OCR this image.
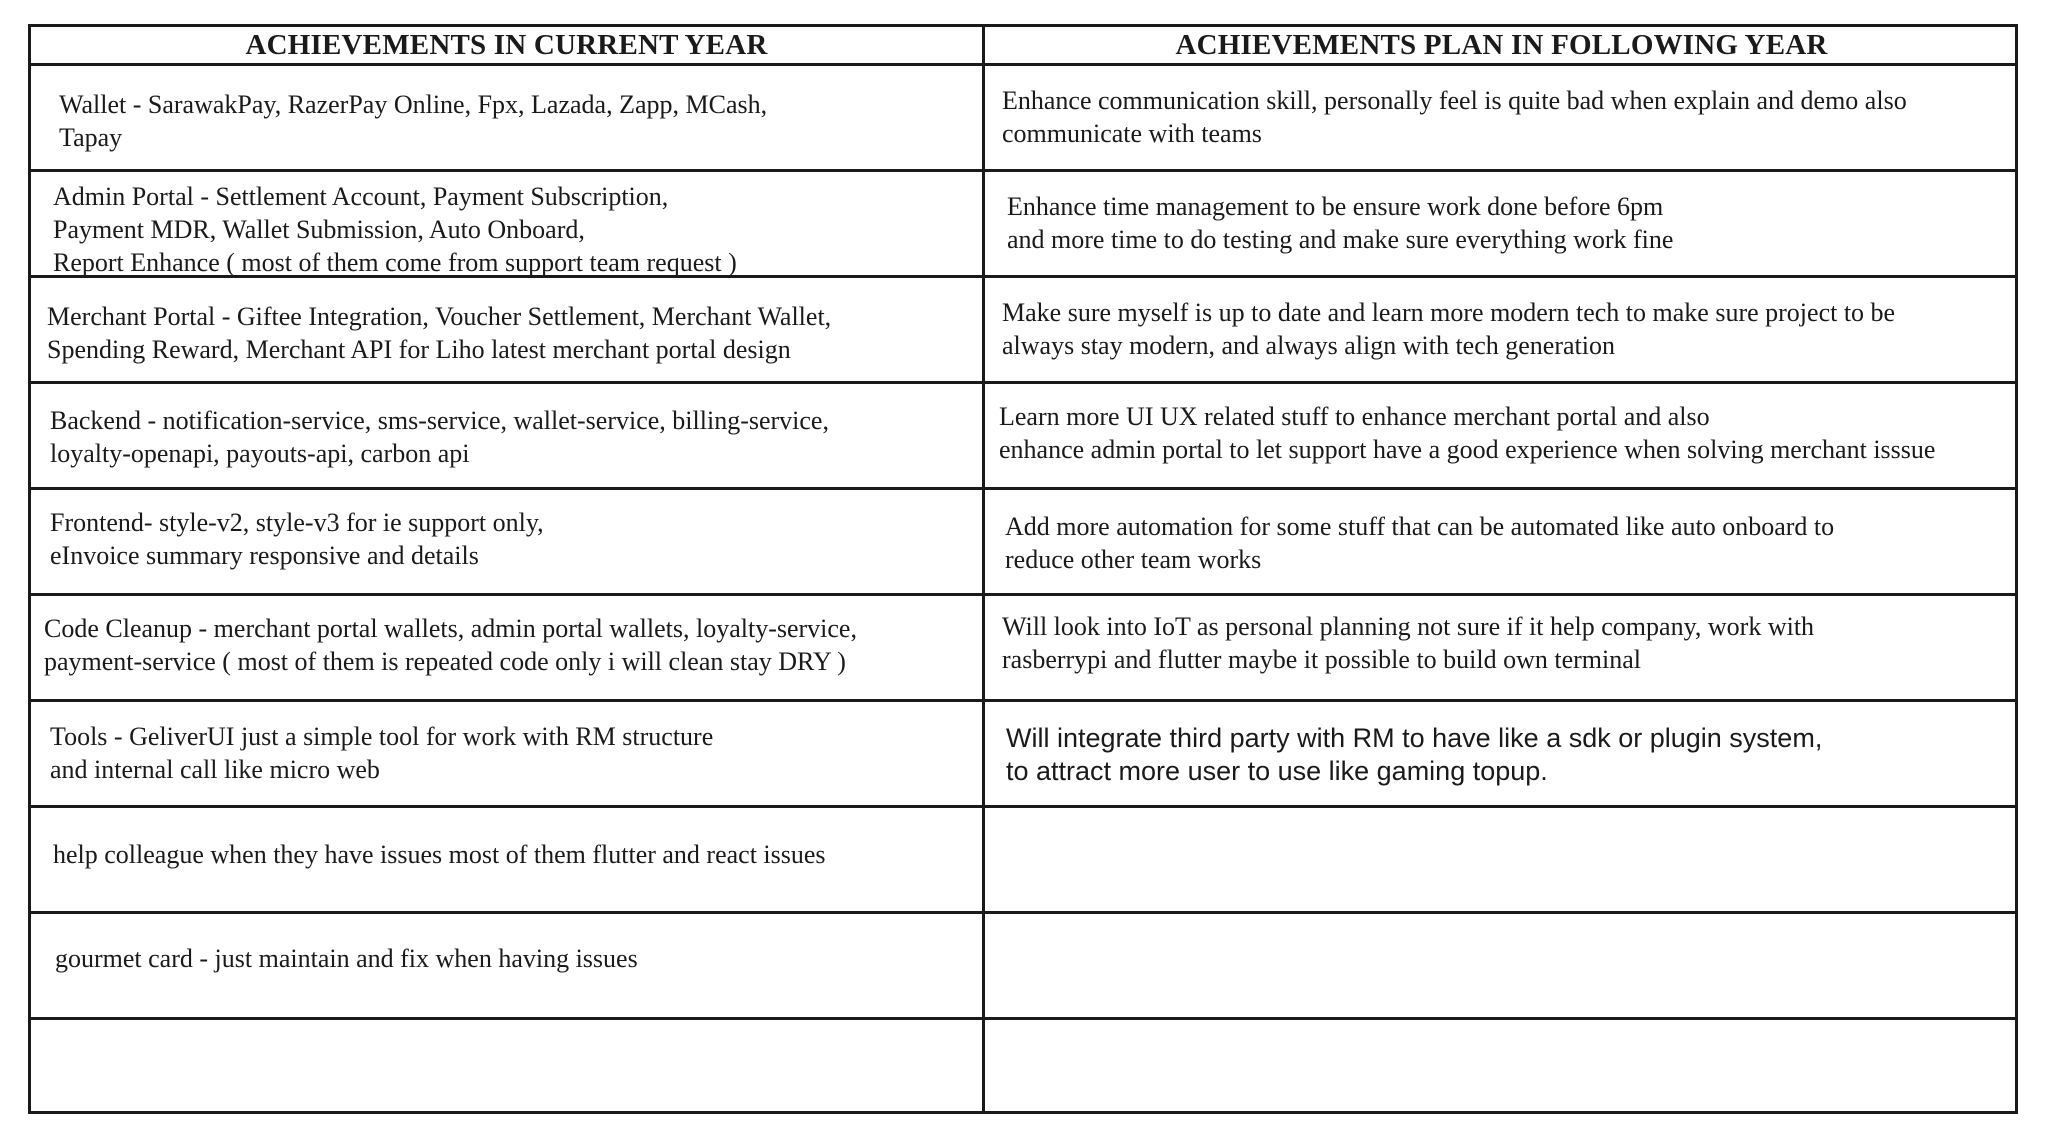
ACHIEVEMENTS IN CURRENT YEAR	ACHIEVEMENTS PLAN IN FOLLOWING YEAR
Wallet - SarawakPay, RazerPay Online, Fpx, Lazada, Zapp, MCash,
Tapay
Enhance communication skill, personally feel is quite bad when explain and demo also
communicate with teams
Admin Portal - Settlement Account, Payment Subscription,
Payment MDR, Wallet Submission, Auto Onboard,
Report Enhance ( most of them come from support team request )
Enhance time management to be ensure work done before 6pm
and more time to do testing and make sure everything work fine
Merchant Portal - Giftee Integration, Voucher Settlement, Merchant Wallet,
Spending Reward, Merchant API for Liho latest merchant portal design
Make sure myself is up to date and learn more modern tech to make sure project to be
always stay modern, and always align with tech generation
Backend - notification-service, sms-service, wallet-service, billing-service,
loyalty-openapi, payouts-api, carbon api
Learn more UI UX related stuff to enhance merchant portal and also
enhance admin portal to let support have a good experience when solving merchant isssue
Frontend- style-v2, style-v3 for ie support only,
eInvoice summary responsive and details
Add more automation for some stuff that can be automated like auto onboard to
reduce other team works
Code Cleanup - merchant portal wallets, admin portal wallets, loyalty-service,
payment-service ( most of them is repeated code only i will clean stay DRY )
Will look into IoT as personal planning not sure if it help company, work with
rasberrypi and flutter maybe it possible to build own terminal
Tools - GeliverUI just a simple tool for work with RM structure
and internal call like micro web
Will integrate third party with RM to have like a sdk or plugin system,
to attract more user to use like gaming topup.
help colleague when they have issues most of them flutter and react issues
gourmet card - just maintain and fix when having issues
